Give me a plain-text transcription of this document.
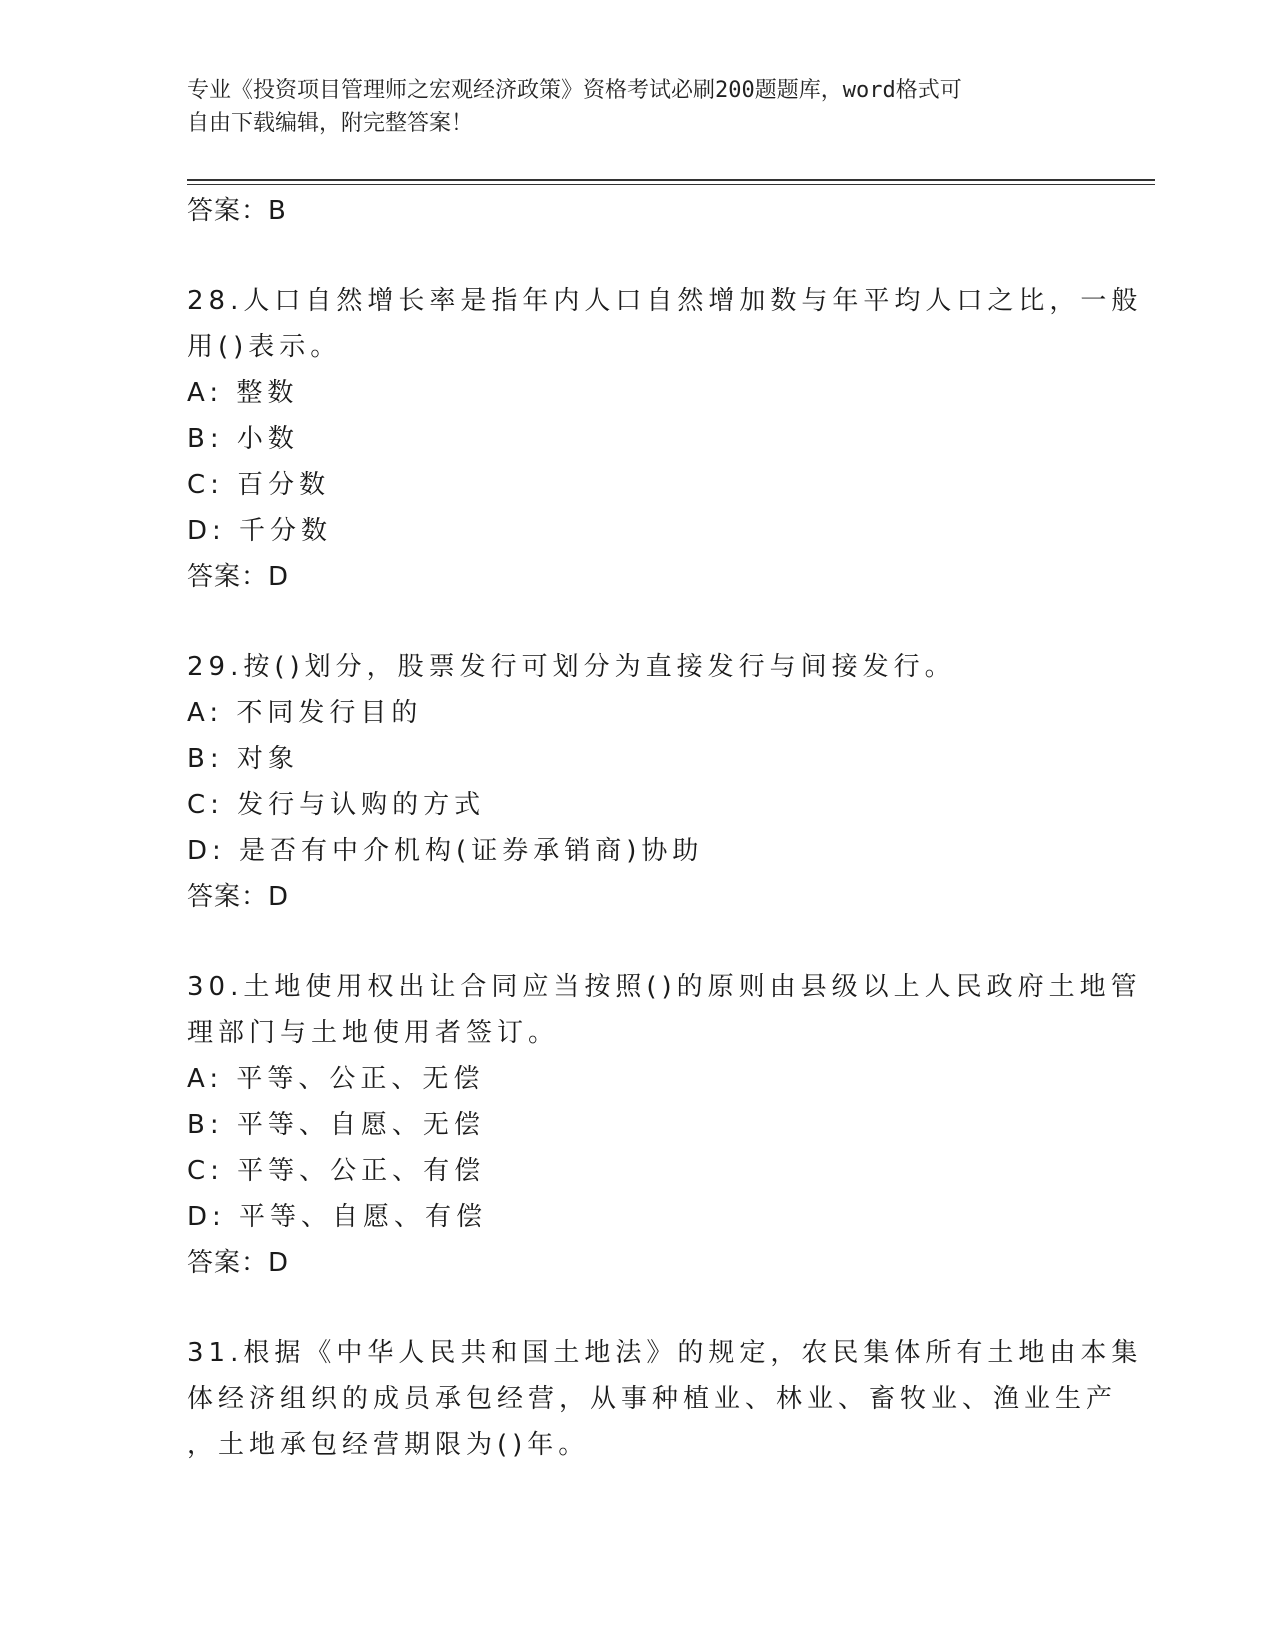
专业《投资项目管理师之宏观经济政策》资格考试必刷200题题库，word格式可
自由下载编辑，附完整答案！
答案：B
28.人口自然增长率是指年内人口自然增加数与年平均人口之比，一般
用()表示。
A: 整数
B: 小数
C: 百分数
D: 千分数
答案：D
29.按()划分，股票发行可划分为直接发行与间接发行。
A: 不同发行目的
B: 对象
C: 发行与认购的方式
D: 是否有中介机构(证券承销商)协助
答案：D
30.土地使用权出让合同应当按照()的原则由县级以上人民政府土地管
理部门与土地使用者签订。
A: 平等、公正、无偿
B: 平等、自愿、无偿
C: 平等、公正、有偿
D: 平等、自愿、有偿
答案：D
31.根据《中华人民共和国土地法》的规定，农民集体所有土地由本集
体经济组织的成员承包经营，从事种植业、林业、畜牧业、渔业生产
，土地承包经营期限为()年。
